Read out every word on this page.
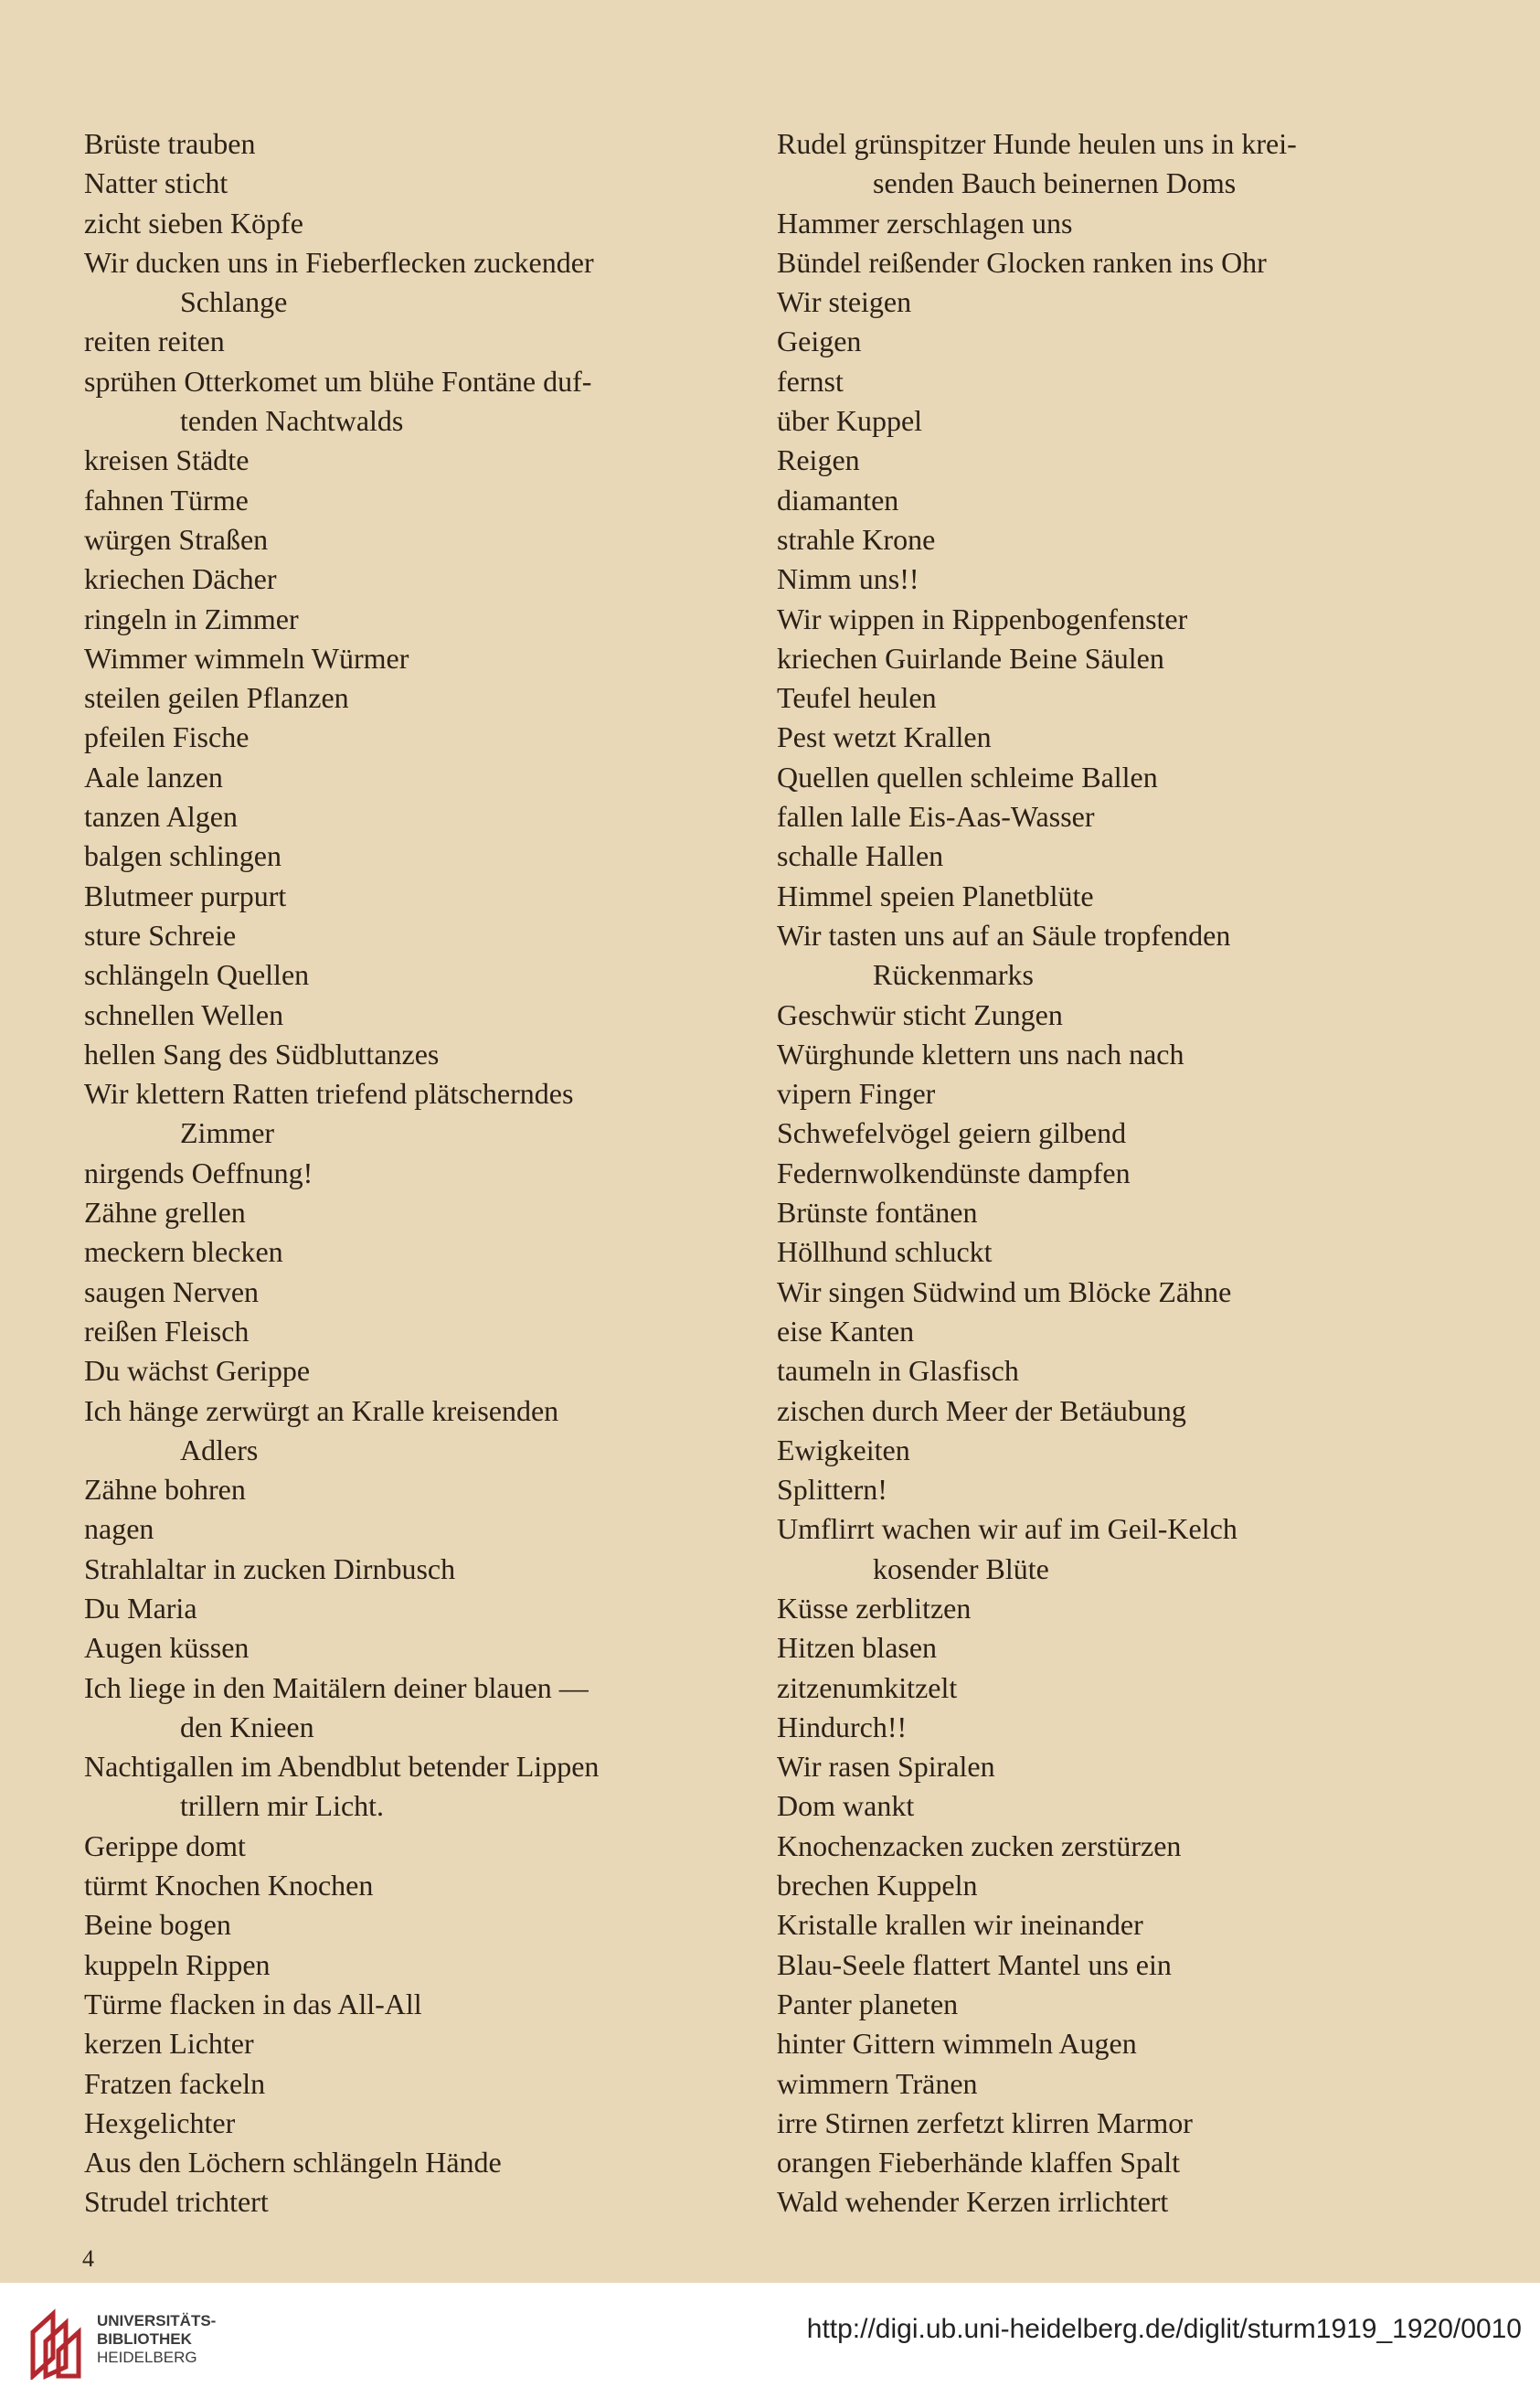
Brüste trauben
Natter sticht
zicht sieben Köpfe
Wir ducken uns in Fieberflecken zuckender
Schlange
reiten reiten
sprühen Otterkomet um blühe Fontäne duf-
tenden Nachtwalds
kreisen Städte
fahnen Türme
würgen Straßen
kriechen Dächer
ringeln in Zimmer
Wimmer wimmeln Würmer
steilen geilen Pflanzen
pfeilen Fische
Aale lanzen
tanzen Algen
balgen schlingen
Blutmeer purpurt
sture Schreie
schlängeln Quellen
schnellen Wellen
hellen Sang des Südbluttanzes
Wir klettern Ratten triefend plätscherndes
Zimmer
nirgends Oeffnung!
Zähne grellen
meckern blecken
saugen Nerven
reißen Fleisch
Du wächst Gerippe
Ich hänge zerwürgt an Kralle kreisenden
Adlers
Zähne bohren
nagen
Strahlaltar in zucken Dirnbusch
Du Maria
Augen küssen
Ich liege in den Maitälern deiner blauen —
den Knieen
Nachtigallen im Abendblut betender Lippen
trillern mir Licht.
Gerippe domt
türmt Knochen Knochen
Beine bogen
kuppeln Rippen
Türme flacken in das All-All
kerzen Lichter
Fratzen fackeln
Hexgelichter
Aus den Löchern schlängeln Hände
Strudel trichtert
Rudel grünspitzer Hunde heulen uns in krei-
senden Bauch beinernen Doms
Hammer zerschlagen uns
Bündel reißender Glocken ranken ins Ohr
Wir steigen
Geigen
fernst
über Kuppel
Reigen
diamanten
strahle Krone
Nimm uns!!
Wir wippen in Rippenbogenfenster
kriechen Guirlande Beine Säulen
Teufel heulen
Pest wetzt Krallen
Quellen quellen schleime Ballen
fallen lalle Eis-Aas-Wasser
schalle Hallen
Himmel speien Planetblüte
Wir tasten uns auf an Säule tropfenden
Rückenmarks
Geschwür sticht Zungen
Würghunde klettern uns nach nach
vipern Finger
Schwefelvögel geiern gilbend
Federnwolkendünste dampfen
Brünste fontänen
Höllhund schluckt
Wir singen Südwind um Blöcke Zähne
eise Kanten
taumeln in Glasfisch
zischen durch Meer der Betäubung
Ewigkeiten
Splittern!
Umflirrt wachen wir auf im Geil-Kelch
kosender Blüte
Küsse zerblitzen
Hitzen blasen
zitzenumkitzelt
Hindurch!!
Wir rasen Spiralen
Dom wankt
Knochenzacken zucken zerstürzen
brechen Kuppeln
Kristalle krallen wir ineinander
Blau-Seele flattert Mantel uns ein
Panter planeten
hinter Gittern wimmeln Augen
wimmern Tränen
irre Stirnen zerfetzt klirren Marmor
orangen Fieberhände klaffen Spalt
Wald wehender Kerzen irrlichtert
4
UNIVERSITÄTS-
BIBLIOTHEK
HEIDELBERG
http://digi.ub.uni-heidelberg.de/diglit/sturm1919_1920/0010
